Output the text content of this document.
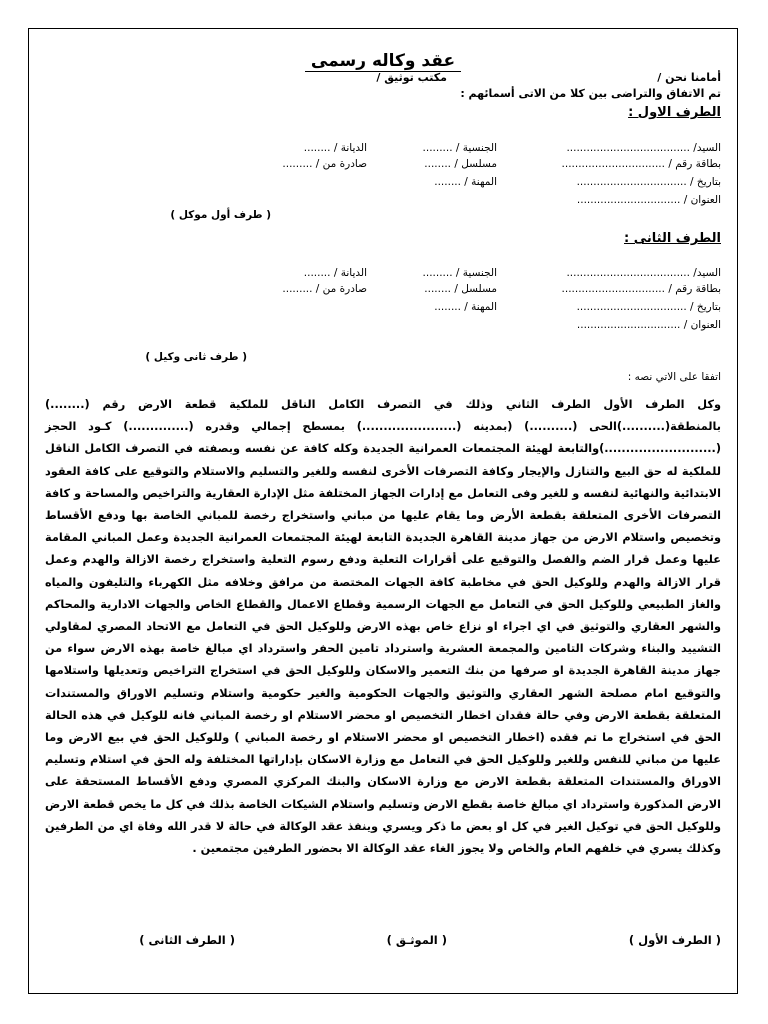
عقد وكاله رسمى
أمامنا نحن /
مكتب توثيق /
تم الاتفاق والتراضى بين كلا من الاتى أسمائهم :
الطرف الاول :
السيد/ .....................................
الجنسية / .........
الديانة / ........
بطاقة رقم / ...............................
مسلسل / ........
صادرة من / .........
بتاريخ / .................................
المهنة / ........
العنوان / ...............................
( طرف أول موكل )
الطرف الثانى :
السيد/ .....................................
الجنسية / .........
الديانة / ........
بطاقة رقم / ...............................
مسلسل / ........
صادرة من / .........
بتاريخ / .................................
المهنة / ........
العنوان / ...............................
( طرف ثانى وكيل )
اتفقا على الاتي نصه :
وكل الطرف الأول الطرف الثاني وذلك في التصرف الكامل الناقل للملكية قطعة الارض رقم (........) بالمنطقة(..........)الحى (..........) (بمدينه (......................) بمسطح إجمالي وقدره (..............) كـود الحجز (..........................)والتابعة لهيئة المجتمعات العمرانية الجديدة وكله كافة عن نفسه وبصفته في التصرف الكامل الناقل للملكية له حق البيع والتنازل والإيجار وكافة التصرفات الأخرى لنفسه وللغير والتسليم والاستلام والتوقيع على كافة العقود الابتدائية والنهائية لنفسه و للغير وفى التعامل مع إدارات الجهاز المختلفة مثل الإدارة العقارية والتراخيص والمساحة و كافة التصرفات الأخرى المتعلقة بقطعة الأرض وما يقام عليها من مباني واستخراج رخصة للمباني الخاصة بها ودفع الأقساط وتخصيص واستلام الارض من جهاز مدينة القاهرة الجديدة التابعة لهيئة المجتمعات العمرانية الجديدة وعمل المباني المقامة عليها وعمل قرار الضم والفصل والتوقيع على أقرارات التعلية ودفع رسوم التعلية واستخراج رخصة الازالة والهدم وعمل قرار الازالة والهدم وللوكيل الحق في مخاطبة كافة الجهات المختصة من مرافق وخلافه مثل الكهرباء والتليفون والمياه والغاز الطبيعي وللوكيل الحق في التعامل مع الجهات الرسمية وقطاع الاعمال والقطاع الخاص والجهات الادارية والمحاكم والشهر العقاري والتوثيق في اي اجراء او نزاع خاص بهذه الارض وللوكيل الحق في التعامل مع الاتحاد المصري لمقاولي التشييد والبناء وشركات التامين والمجمعة العشرية واسترداد تامين الحفر واسترداد اي مبالغ خاصة بهذه الارض سواء من جهاز مدينة القاهرة الجديدة او صرفها من بنك التعمير والاسكان وللوكيل الحق في استخراج التراخيص وتعديلها واستلامها والتوقيع امام مصلحة الشهر العقاري والتوثيق والجهات الحكومية والغير حكومية واستلام وتسليم الاوراق والمستندات المتعلقة بقطعة الارض وفي حالة فقدان اخطار التخصيص او محضر الاستلام او رخصة المباني فانه للوكيل في هذه الحالة الحق في استخراج ما تم فقده (اخطار التخصيص او محضر الاستلام او رخصة المباني ) وللوكيل الحق في بيع الارض وما عليها من مباني للنفس وللغير وللوكيل الحق في التعامل مع وزارة الاسكان بإداراتها المختلفة وله الحق في استلام وتسليم الاوراق والمستندات المتعلقة بقطعة الارض مع وزارة الاسكان والبنك المركزي المصري ودفع الأقساط المستحقة على الارض المذكورة واسترداد اي مبالغ خاصة بقطع الارض وتسليم واستلام الشيكات الخاصة بذلك في كل ما يخص قطعة الارض وللوكيل الحق في توكيل الغير في كل او بعض ما ذكر ويسري وينفذ عقد الوكالة في حالة لا قدر الله وفاة اي من الطرفين وكذلك يسري في خلفهم العام والخاص ولا يجوز الغاء عقد الوكالة الا بحضور الطرفين مجتمعين .
( الطرف الأول )
( الموثـق )
( الطرف الثانى )
